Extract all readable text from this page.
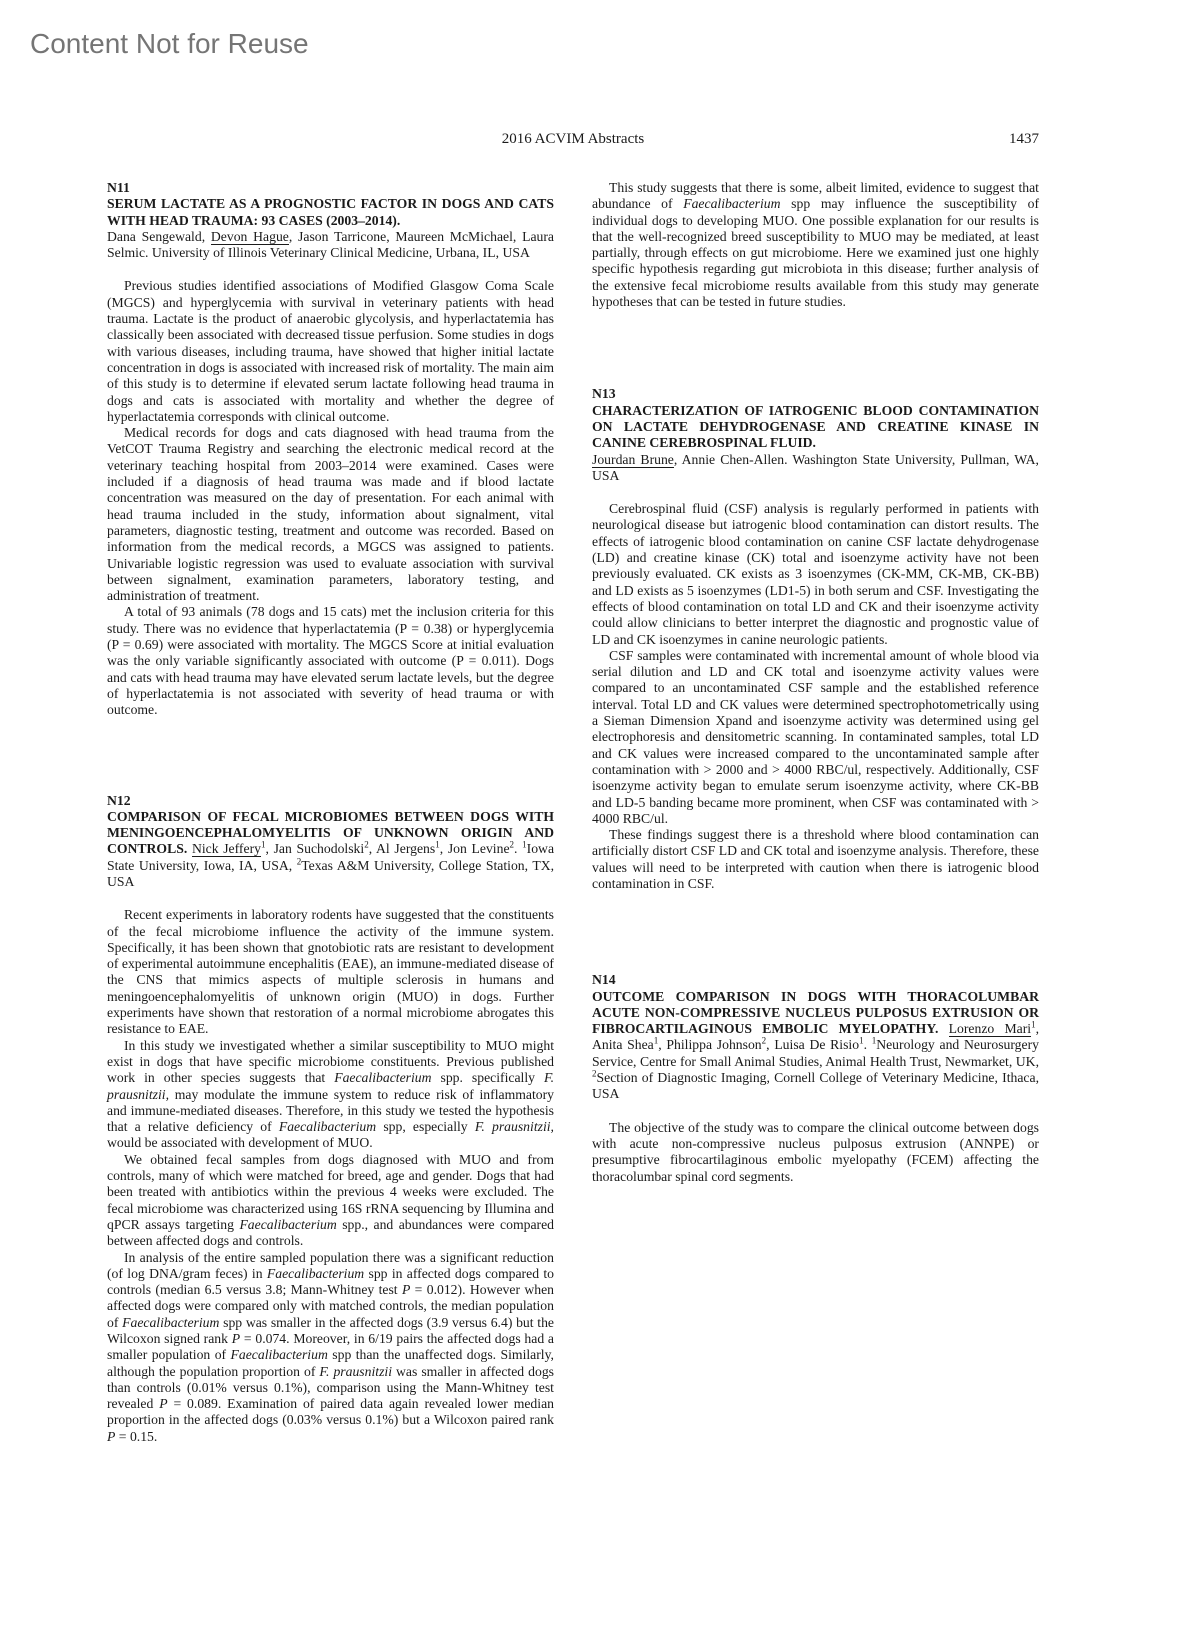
Content Not for Reuse
2016 ACVIM Abstracts	1437
N11
SERUM LACTATE AS A PROGNOSTIC FACTOR IN DOGS AND CATS WITH HEAD TRAUMA: 93 CASES (2003–2014).
Dana Sengewald, Devon Hague, Jason Tarricone, Maureen McMichael, Laura Selmic. University of Illinois Veterinary Clinical Medicine, Urbana, IL, USA

Previous studies identified associations of Modified Glasgow Coma Scale (MGCS) and hyperglycemia with survival in veterinary patients with head trauma. Lactate is the product of anaerobic glycolysis, and hyperlactatemia has classically been associated with decreased tissue perfusion. Some studies in dogs with various diseases, including trauma, have showed that higher initial lactate concentration in dogs is associated with increased risk of mortality. The main aim of this study is to determine if elevated serum lactate following head trauma in dogs and cats is associated with mortality and whether the degree of hyperlactatemia corresponds with clinical outcome.

Medical records for dogs and cats diagnosed with head trauma from the VetCOT Trauma Registry and searching the electronic medical record at the veterinary teaching hospital from 2003–2014 were examined. Cases were included if a diagnosis of head trauma was made and if blood lactate concentration was measured on the day of presentation. For each animal with head trauma included in the study, information about signalment, vital parameters, diagnostic testing, treatment and outcome was recorded. Based on information from the medical records, a MGCS was assigned to patients. Univariable logistic regression was used to evaluate association with survival between signalment, examination parameters, laboratory testing, and administration of treatment.

A total of 93 animals (78 dogs and 15 cats) met the inclusion criteria for this study. There was no evidence that hyperlactatemia (P = 0.38) or hyperglycemia (P = 0.69) were associated with mortality. The MGCS Score at initial evaluation was the only variable significantly associated with outcome (P = 0.011). Dogs and cats with head trauma may have elevated serum lactate levels, but the degree of hyperlactatemia is not associated with severity of head trauma or with outcome.

N12
COMPARISON OF FECAL MICROBIOMES BETWEEN DOGS WITH MENINGOENCEPHALOMYELITIS OF UNKNOWN ORIGIN AND CONTROLS. Nick Jeffery$^1$, Jan Suchodolski$^2$, Al Jergens$^1$, Jon Levine$^2$. $^1$Iowa State University, Iowa, IA, USA, $^2$Texas A&M University, College Station, TX, USA

Recent experiments in laboratory rodents have suggested that the constituents of the fecal microbiome influence the activity of the immune system. Specifically, it has been shown that gnotobiotic rats are resistant to development of experimental autoimmune encephalitis (EAE), an immune-mediated disease of the CNS that mimics aspects of multiple sclerosis in humans and meningoencephalomyelitis of unknown origin (MUO) in dogs. Further experiments have shown that restoration of a normal microbiome abrogates this resistance to EAE.

In this study we investigated whether a similar susceptibility to MUO might exist in dogs that have specific microbiome constituents. Previous published work in other species suggests that Faecalibacterium spp. specifically F. prausnitzii, may modulate the immune system to reduce risk of inflammatory and immune-mediated diseases. Therefore, in this study we tested the hypothesis that a relative deficiency of Faecalibacterium spp, especially F. prausnitzii, would be associated with development of MUO.

We obtained fecal samples from dogs diagnosed with MUO and from controls, many of which were matched for breed, age and gender. Dogs that had been treated with antibiotics within the previous 4 weeks were excluded. The fecal microbiome was characterized using 16S rRNA sequencing by Illumina and qPCR assays targeting Faecalibacterium spp., and abundances were compared between affected dogs and controls.

In analysis of the entire sampled population there was a significant reduction (of log DNA/gram feces) in Faecalibacterium spp in affected dogs compared to controls (median 6.5 versus 3.8; Mann-Whitney test P = 0.012). However when affected dogs were compared only with matched controls, the median population of Faecalibacterium spp was smaller in the affected dogs (3.9 versus 6.4) but the Wilcoxon signed rank P = 0.074. Moreover, in 6/19 pairs the affected dogs had a smaller population of Faecalibacterium spp than the unaffected dogs. Similarly, although the population proportion of F. prausnitzii was smaller in affected dogs than controls (0.01% versus 0.1%), comparison using the Mann-Whitney test revealed P = 0.089. Examination of paired data again revealed lower median proportion in the affected dogs (0.03% versus 0.1%) but a Wilcoxon paired rank P = 0.15.

This study suggests that there is some, albeit limited, evidence to suggest that abundance of Faecalibacterium spp may influence the susceptibility of individual dogs to developing MUO. One possible explanation for our results is that the well-recognized breed susceptibility to MUO may be mediated, at least partially, through effects on gut microbiome. Here we examined just one highly specific hypothesis regarding gut microbiota in this disease; further analysis of the extensive fecal microbiome results available from this study may generate hypotheses that can be tested in future studies.

N13
CHARACTERIZATION OF IATROGENIC BLOOD CONTAMINATION ON LACTATE DEHYDROGENASE AND CREATINE KINASE IN CANINE CEREBROSPINAL FLUID.
Jourdan Brune, Annie Chen-Allen. Washington State University, Pullman, WA, USA

Cerebrospinal fluid (CSF) analysis is regularly performed in patients with neurological disease but iatrogenic blood contamination can distort results. The effects of iatrogenic blood contamination on canine CSF lactate dehydrogenase (LD) and creatine kinase (CK) total and isoenzyme activity have not been previously evaluated. CK exists as 3 isoenzymes (CK-MM, CK-MB, CK-BB) and LD exists as 5 isoenzymes (LD1-5) in both serum and CSF. Investigating the effects of blood contamination on total LD and CK and their isoenzyme activity could allow clinicians to better interpret the diagnostic and prognostic value of LD and CK isoenzymes in canine neurologic patients.

CSF samples were contaminated with incremental amount of whole blood via serial dilution and LD and CK total and isoenzyme activity values were compared to an uncontaminated CSF sample and the established reference interval. Total LD and CK values were determined spectrophotometrically using a Sieman Dimension Xpand and isoenzyme activity was determined using gel electrophoresis and densitometric scanning. In contaminated samples, total LD and CK values were increased compared to the uncontaminated sample after contamination with > 2000 and > 4000 RBC/ul, respectively. Additionally, CSF isoenzyme activity began to emulate serum isoenzyme activity, where CK-BB and LD-5 banding became more prominent, when CSF was contaminated with > 4000 RBC/ul.

These findings suggest there is a threshold where blood contamination can artificially distort CSF LD and CK total and isoenzyme analysis. Therefore, these values will need to be interpreted with caution when there is iatrogenic blood contamination in CSF.

N14
OUTCOME COMPARISON IN DOGS WITH THORACOLUMBAR ACUTE NON-COMPRESSIVE NUCLEUS PULPOSUS EXTRUSION OR FIBROCARTILAGINOUS EMBOLIC MYELOPATHY. Lorenzo Mari$^1$, Anita Shea$^1$, Philippa Johnson$^2$, Luisa De Risio$^1$. $^1$Neurology and Neurosurgery Service, Centre for Small Animal Studies, Animal Health Trust, Newmarket, UK, $^2$Section of Diagnostic Imaging, Cornell College of Veterinary Medicine, Ithaca, USA

The objective of the study was to compare the clinical outcome between dogs with acute non-compressive nucleus pulposus extrusion (ANNPE) or presumptive fibrocartilaginous embolic myelopathy (FCEM) affecting the thoracolumbar spinal cord segments.
